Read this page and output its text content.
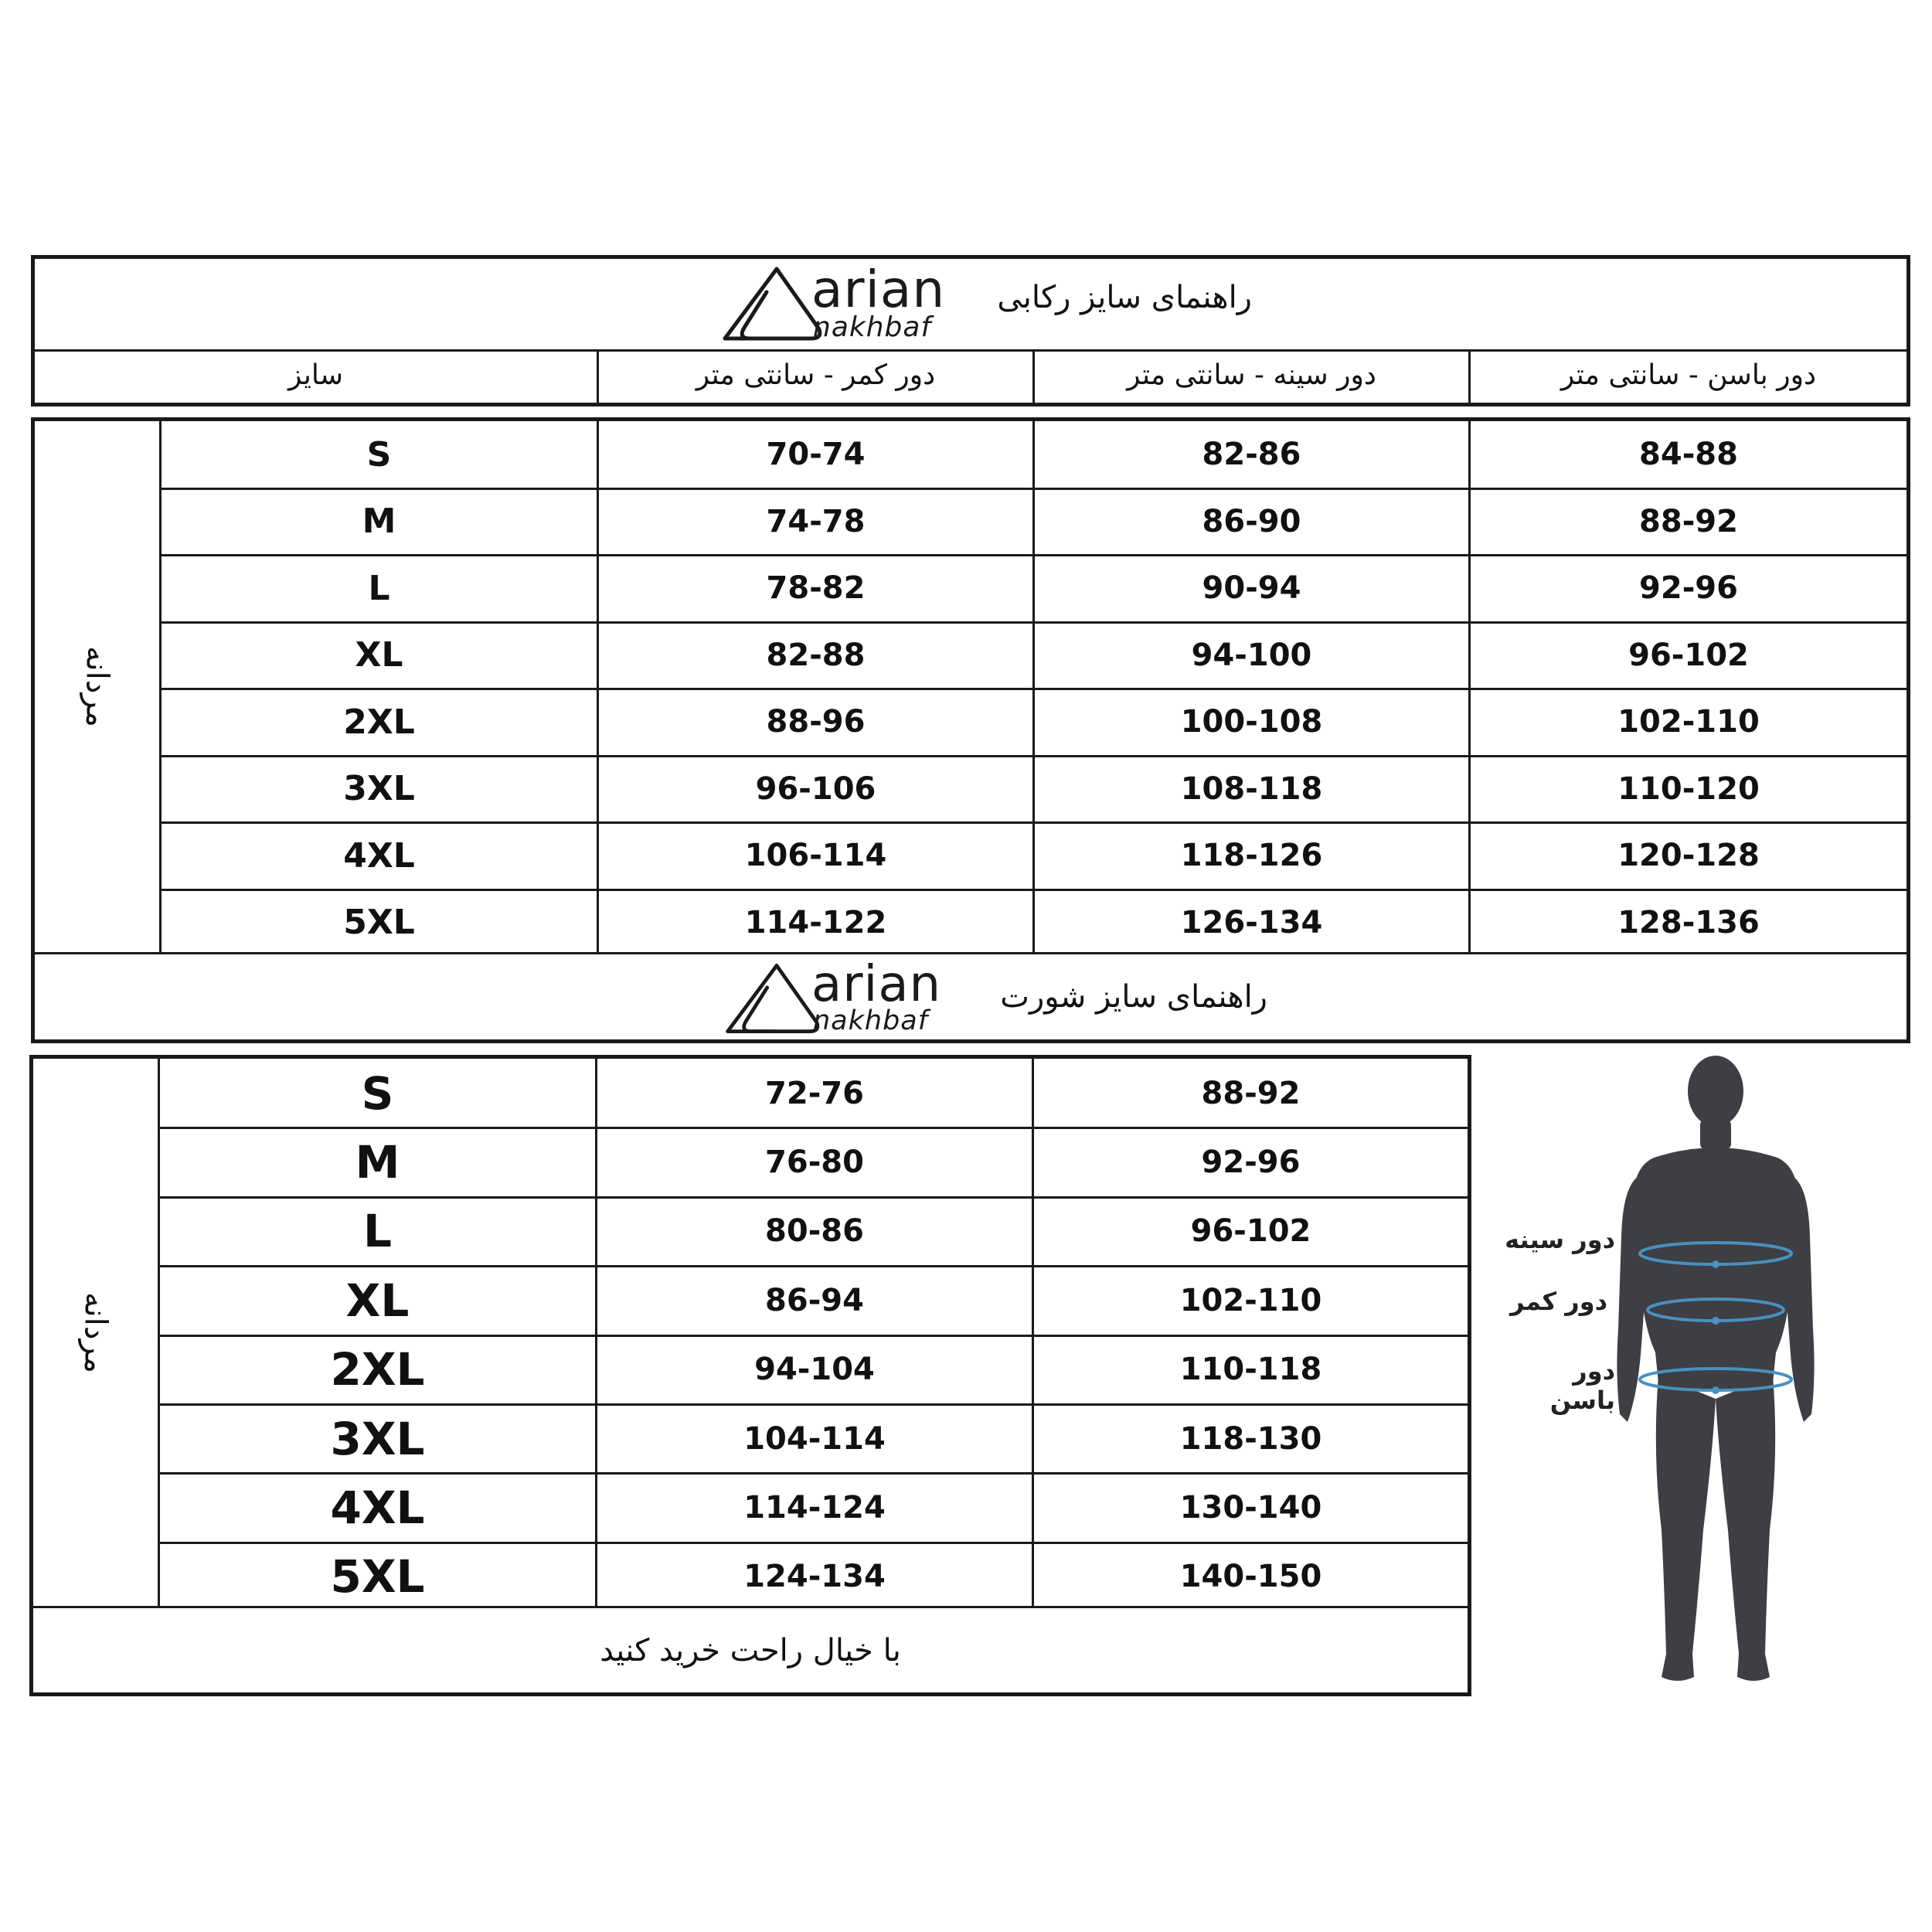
arian
nakhbaf
راهنمای سایز رکابی
سایز	دور کمر - سانتی متر	دور سینه - سانتی متر	دور باسن - سانتی متر
مردانه
S	70-74	82-86	84-88
M	74-78	86-90	88-92
L	78-82	90-94	92-96
XL	82-88	94-100	96-102
2XL	88-96	100-108	102-110
3XL	96-106	108-118	110-120
4XL	106-114	118-126	120-128
5XL	114-122	126-134	128-136
arian
nakhbaf
راهنمای سایز شورت
مردانه
S	72-76	88-92
M	76-80	92-96
L	80-86	96-102
XL	86-94	102-110
2XL	94-104	110-118
3XL	104-114	118-130
4XL	114-124	130-140
5XL	124-134	140-150
با خیال راحت خرید کنید
دور سینه
دور کمر
دور باسن
